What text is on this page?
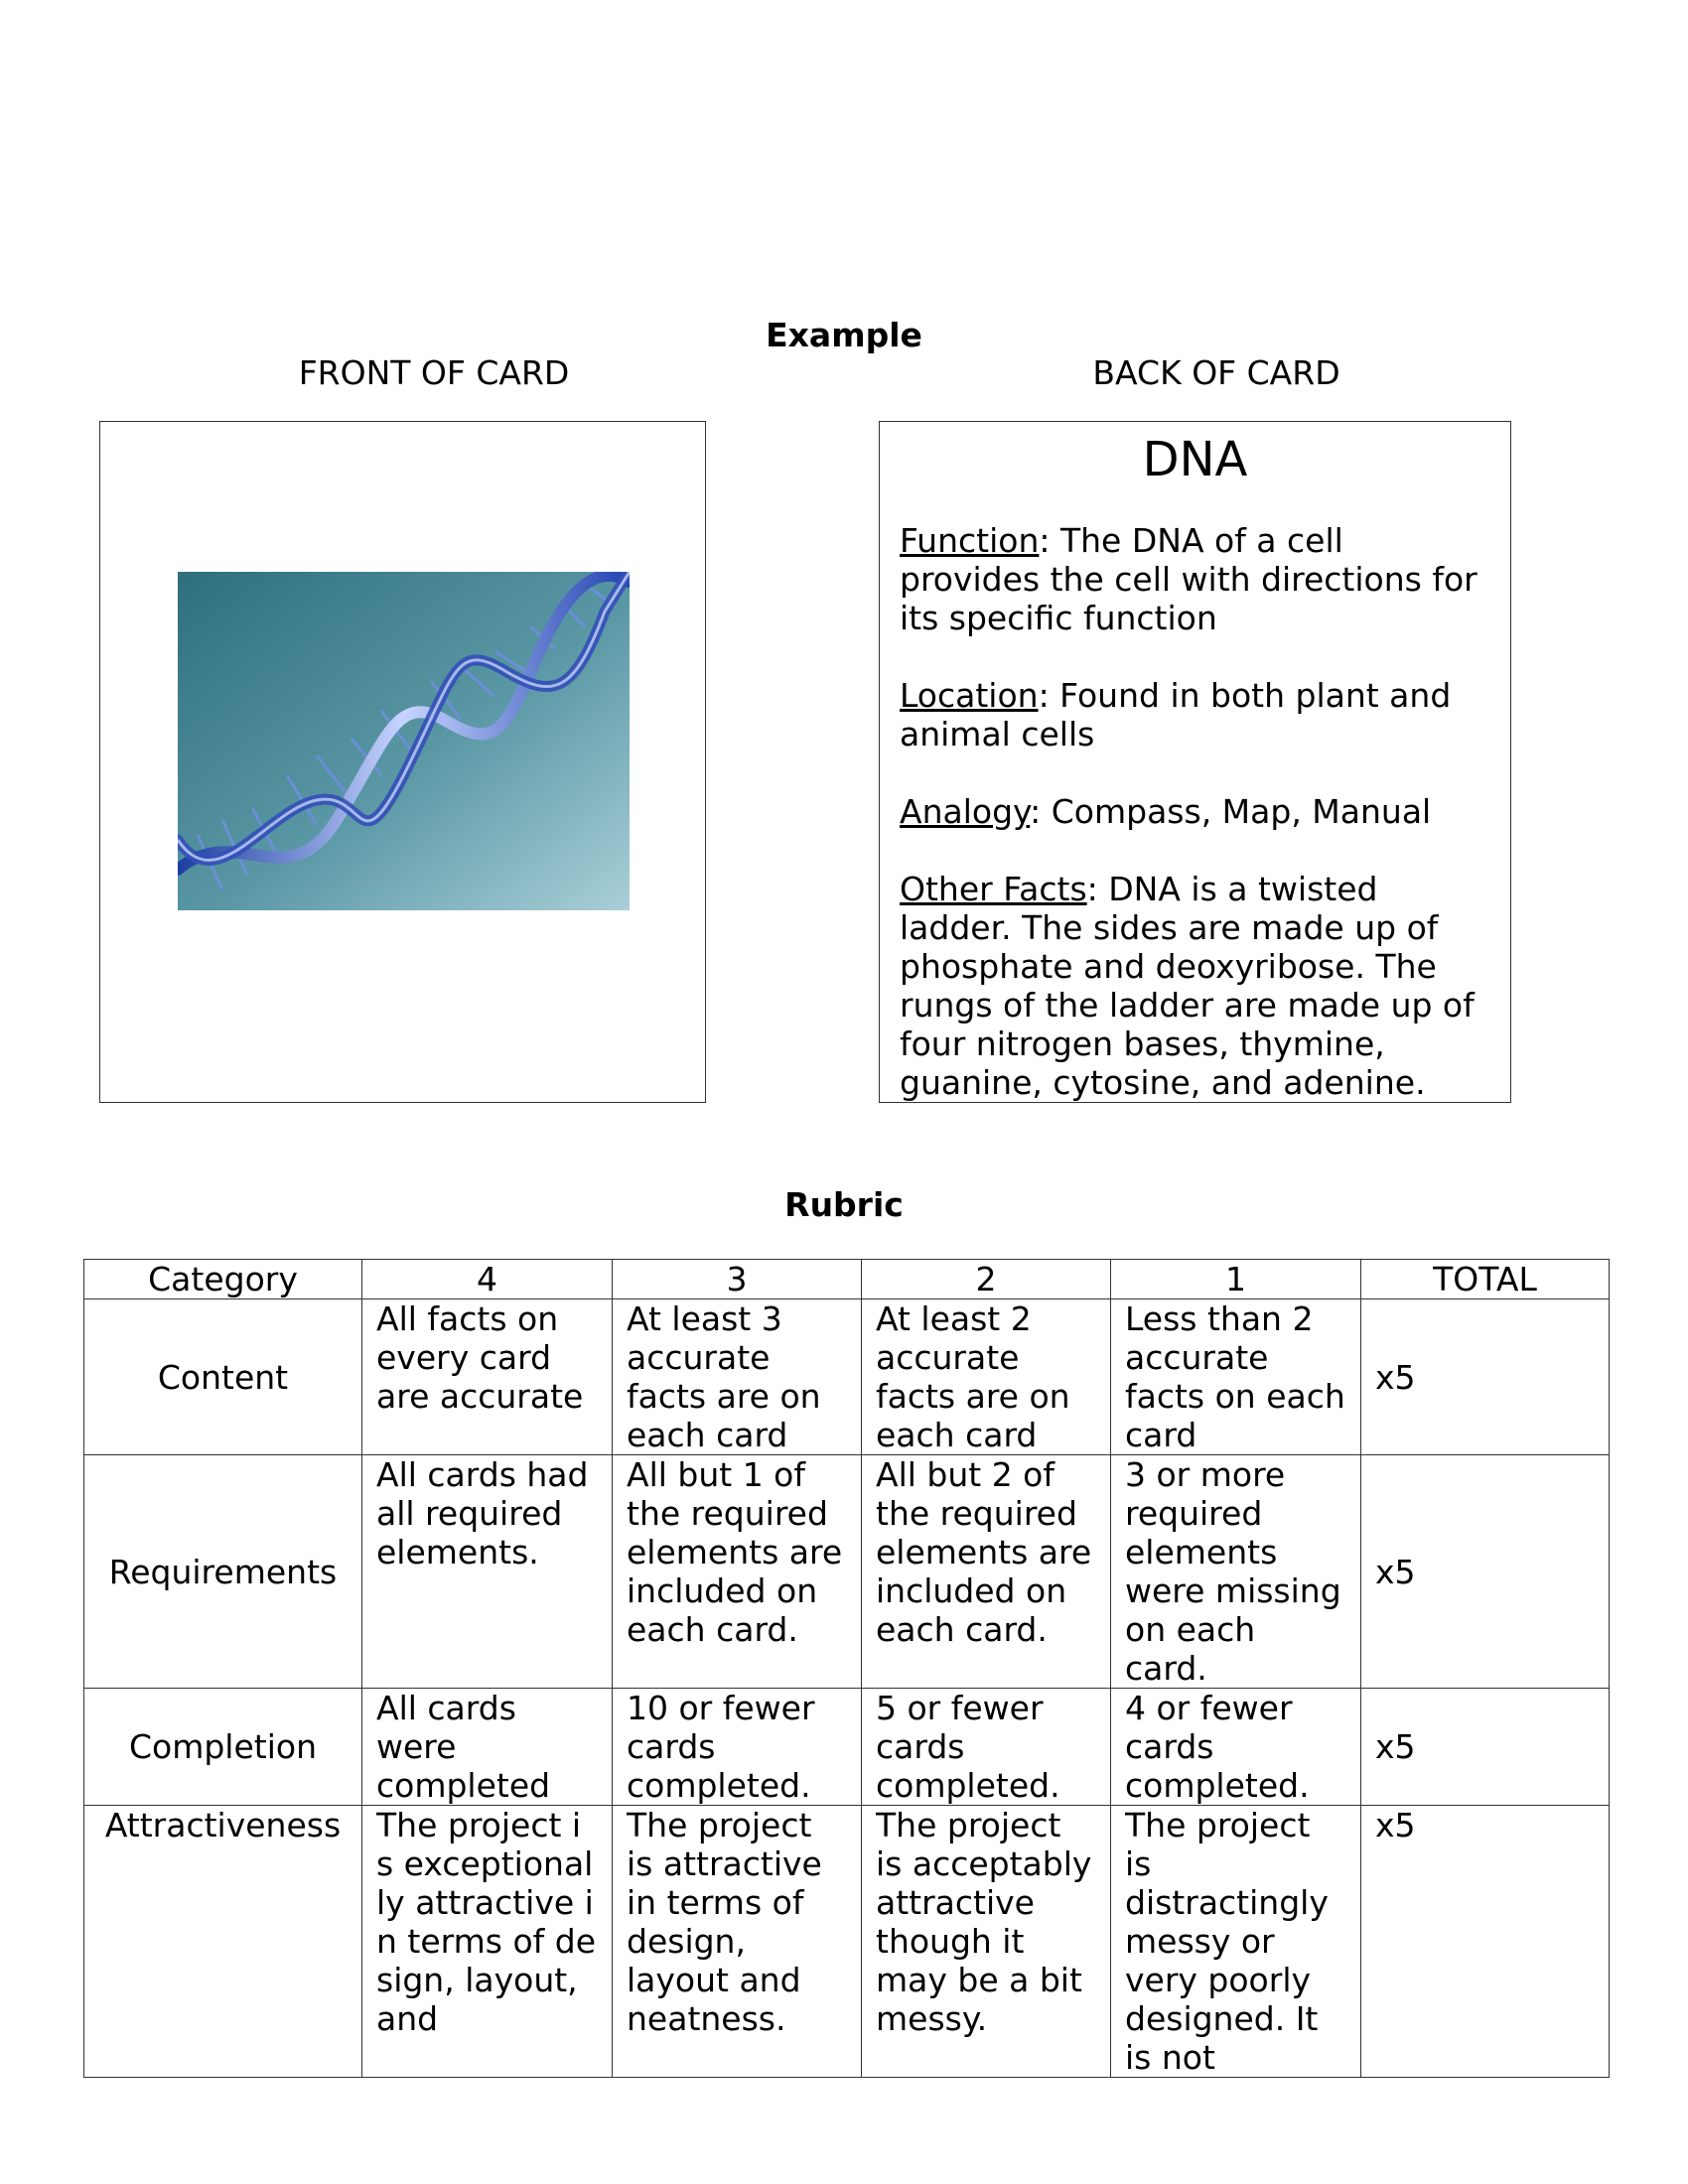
Example
FRONT OF CARD	BACK OF CARD
DNA

Function: The DNA of a cell provides the cell with directions for its specific function

Location: Found in both plant and animal cells

Analogy: Compass, Map, Manual

Other Facts: DNA is a twisted ladder. The sides are made up of phosphate and deoxyribose. The rungs of the ladder are made up of four nitrogen bases, thymine, guanine, cytosine, and adenine.

Rubric
Category	4	3	2	1	TOTAL
Content	All facts on every card are accurate	At least 3 accurate facts are on each card	At least 2 accurate facts are on each card	Less than 2 accurate facts on each card	x5
Requirements	All cards had all required elements.	All but 1 of the required elements are included on each card.	All but 2 of the required elements are included on each card.	3 or more required elements were missing on each card.	x5
Completion	All cards were completed	10 or fewer cards completed.	5 or fewer cards completed.	4 or fewer cards completed.	x5
Attractiveness	The project is exceptionally attractive in terms of design, layout, and	The project is attractive in terms of design, layout and neatness.	The project is acceptably attractive though it may be a bit messy.	The project is distractingly messy or very poorly designed. It is not	x5
